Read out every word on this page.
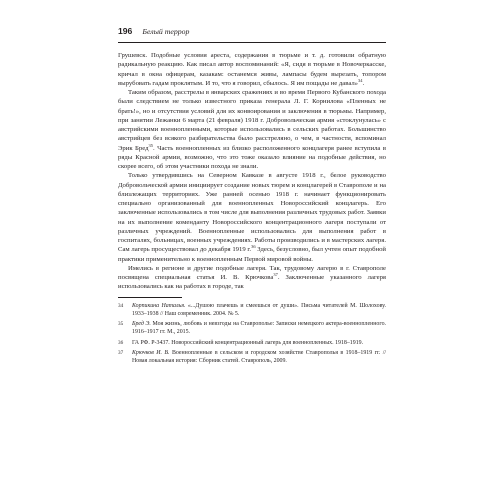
196 Белый террор

Грушевск. Подобные условия ареста, содержания в тюрьме и т. д. готовили обратную радикальную реакцию. Как писал автор воспоминаний: «Я, сидя в тюрьме в Новочеркасске, кричал в окна офицерам, казакам: останемся живы, лампасы будем вырезать, топором вырубовать гадам проклятым. И то, что я говорил, сбылось. Я им пощады не давал»$^{34}$.

Таким образом, расстрелы в январских сражениях и во время Первого Кубанского похода были следствием не только известного приказа генерала Л. Г. Корнилова «Пленных не брать!», но и отсутствия условий для их конвоирования и заключения в тюрьмы. Например, при занятии Лежанки 6 марта (21 февраля) 1918 г. Добровольческая армия «стоклунулась» с австрийскими военнопленными, которые использовались в сельских работах. Большинство австрийцев без всякого разбирательства было расстреляно, о чем, в частности, вспоминал Эрик Бред$^{35}$. Часть военнопленных из близко расположенного концлагеря ранее вступила в ряды Красной армии, возможно, что это тоже оказало влияние на подобные действия, но скорее всего, об этом участники похода не знали.

Только утвердившись на Северном Кавказе в августе 1918 г., белое руководство Добровольческой армии инициирует создание новых тюрем и концлагерей в Ставрополе и на близлежащих территориях. Уже ранней осенью 1918 г. начинает функционировать специально организованный для военнопленных Новороссийский концлагерь. Его заключенные использовались в том числе для выполнения различных трудовых работ. Заявки на их выполнение коменданту Новороссийского концентрационного лагеря поступали от различных учреждений. Военнопленные использовались для выполнения работ в госпиталях, больницах, военных учреждениях. Работы производились и в мастерских лагеря. Сам лагерь просуществовал до декабря 1919 г.$^{36}$ Здесь, безусловно, был учтен опыт подобной практики применительно к военнопленным Первой мировой войны.

Имелись в регионе и другие подобные лагеря. Так, трудовому лагерю в г. Ставрополе посвящена специальная статья И. В. Крючкова$^{37}$. Заключенные указанного лагеря использовались как на работах в городе, так

34	Корпикина Наталья. «...Душою плачешь и смеешься от души». Письма читателей М. Шолохову. 1933–1938 // Наш современник. 2004. № 5.
35	Бред Э. Моя жизнь, любовь и невзгоды на Ставрополье: Записки немецкого актера-военнопленного. 1916–1917 гг. М., 2015.
36	ГА РФ. Р-3437. Новороссийский концентрационный лагерь для военнопленных. 1918–1919.
37	Крючков И. В. Военнопленные в сельском и городском хозяйстве Ставрополья в 1918–1919 гг. // Новая локальная история: Сборник статей. Ставрополь, 2009.
